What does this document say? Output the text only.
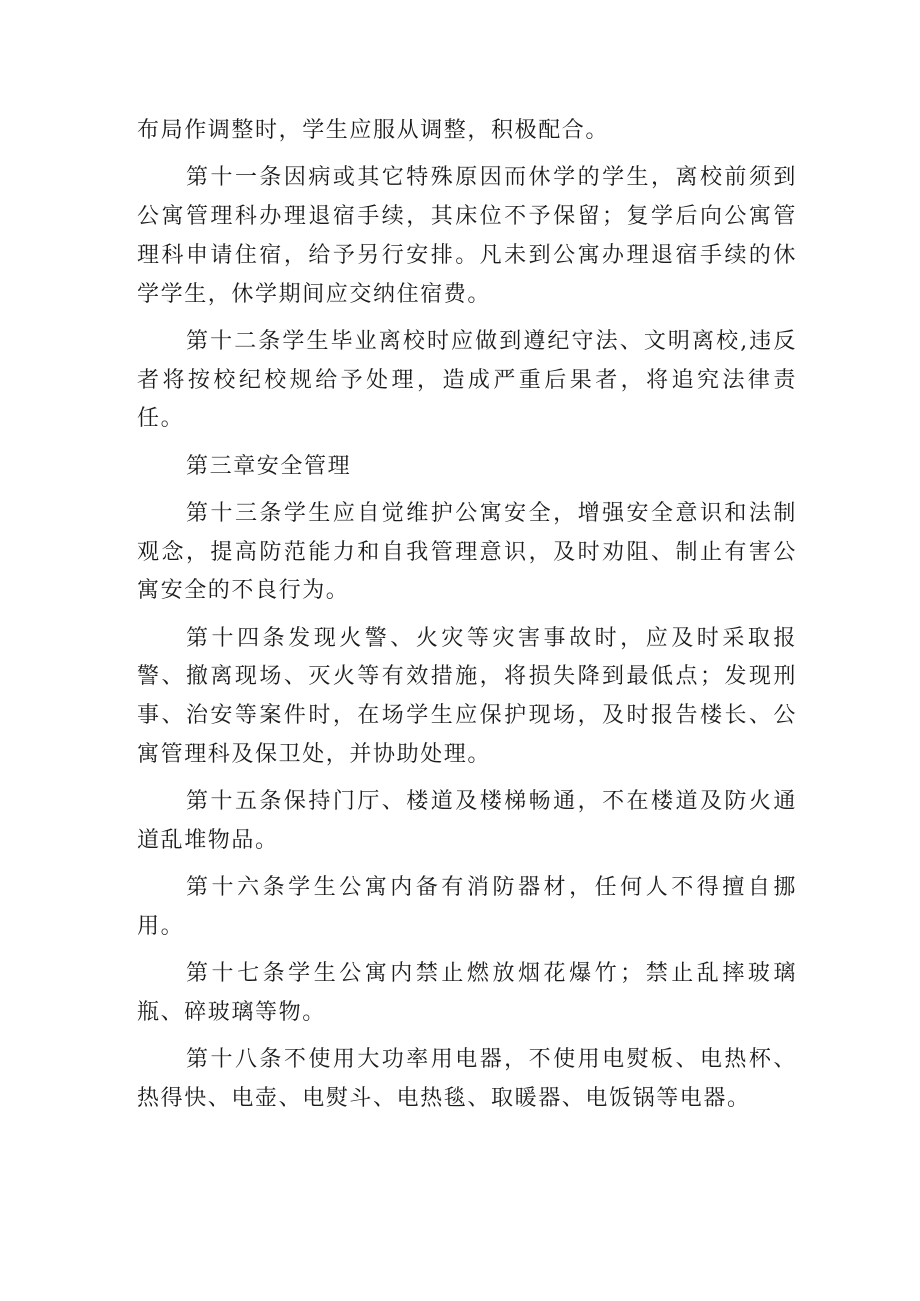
布局作调整时，学生应服从调整，积极配合。

第十一条因病或其它特殊原因而休学的学生，离校前须到公寓管理科办理退宿手续，其床位不予保留；复学后向公寓管理科申请住宿，给予另行安排。凡未到公寓办理退宿手续的休学学生，休学期间应交纳住宿费。

第十二条学生毕业离校时应做到遵纪守法、文明离校,违反者将按校纪校规给予处理，造成严重后果者，将追究法律责任。

第三章安全管理

第十三条学生应自觉维护公寓安全，增强安全意识和法制观念，提高防范能力和自我管理意识，及时劝阻、制止有害公寓安全的不良行为。

第十四条发现火警、火灾等灾害事故时，应及时采取报警、撤离现场、灭火等有效措施，将损失降到最低点；发现刑事、治安等案件时，在场学生应保护现场，及时报告楼长、公寓管理科及保卫处，并协助处理。

第十五条保持门厅、楼道及楼梯畅通，不在楼道及防火通道乱堆物品。

第十六条学生公寓内备有消防器材，任何人不得擅自挪用。

第十七条学生公寓内禁止燃放烟花爆竹；禁止乱摔玻璃瓶、碎玻璃等物。

第十八条不使用大功率用电器，不使用电熨板、电热杯、热得快、电壶、电熨斗、电热毯、取暖器、电饭锅等电器。
